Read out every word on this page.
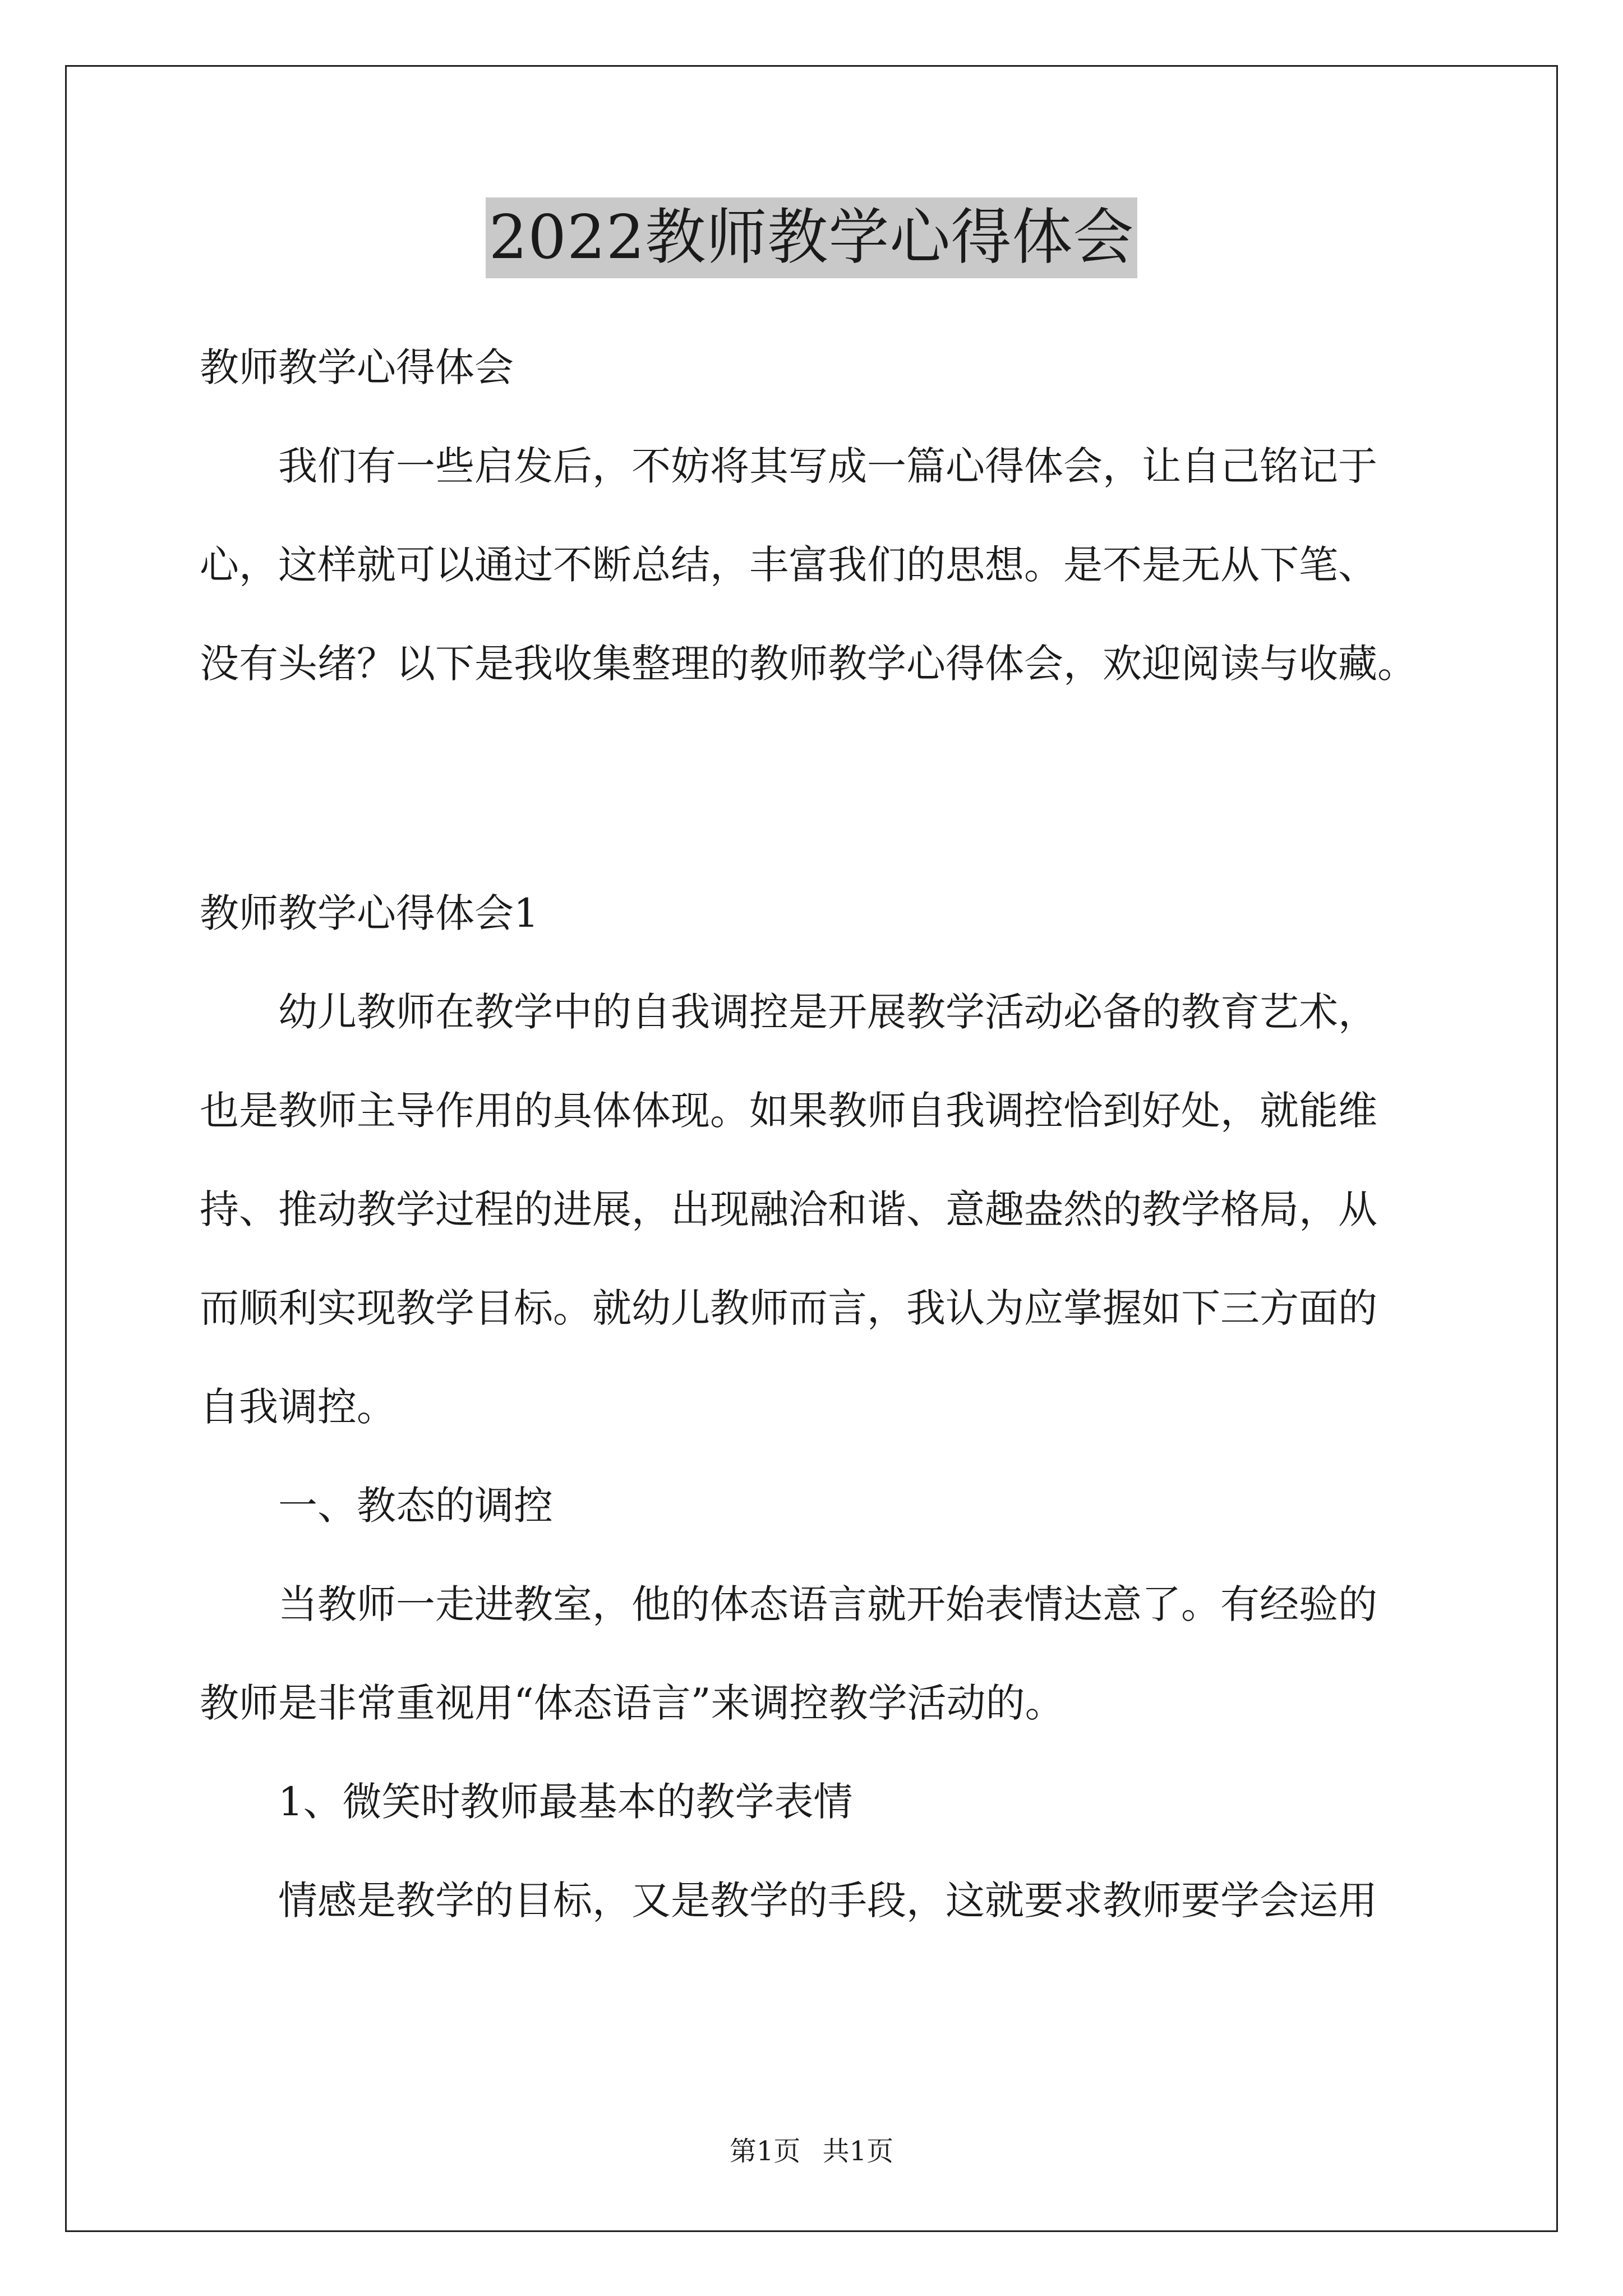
2022教师教学心得体会
教师教学心得体会
　　我们有一些启发后，不妨将其写成一篇心得体会，让自己铭记于
心，这样就可以通过不断总结，丰富我们的思想。是不是无从下笔、
没有头绪？以下是我收集整理的教师教学心得体会，欢迎阅读与收藏。
教师教学心得体会1
　　幼儿教师在教学中的自我调控是开展教学活动必备的教育艺术，
也是教师主导作用的具体体现。如果教师自我调控恰到好处，就能维
持、推动教学过程的进展，出现融洽和谐、意趣盎然的教学格局，从
而顺利实现教学目标。就幼儿教师而言，我认为应掌握如下三方面的
自我调控。
　　一、教态的调控
　　当教师一走进教室，他的体态语言就开始表情达意了。有经验的
教师是非常重视用“体态语言”来调控教学活动的。
　　1、微笑时教师最基本的教学表情
　　情感是教学的目标，又是教学的手段，这就要求教师要学会运用
第1页 共1页
